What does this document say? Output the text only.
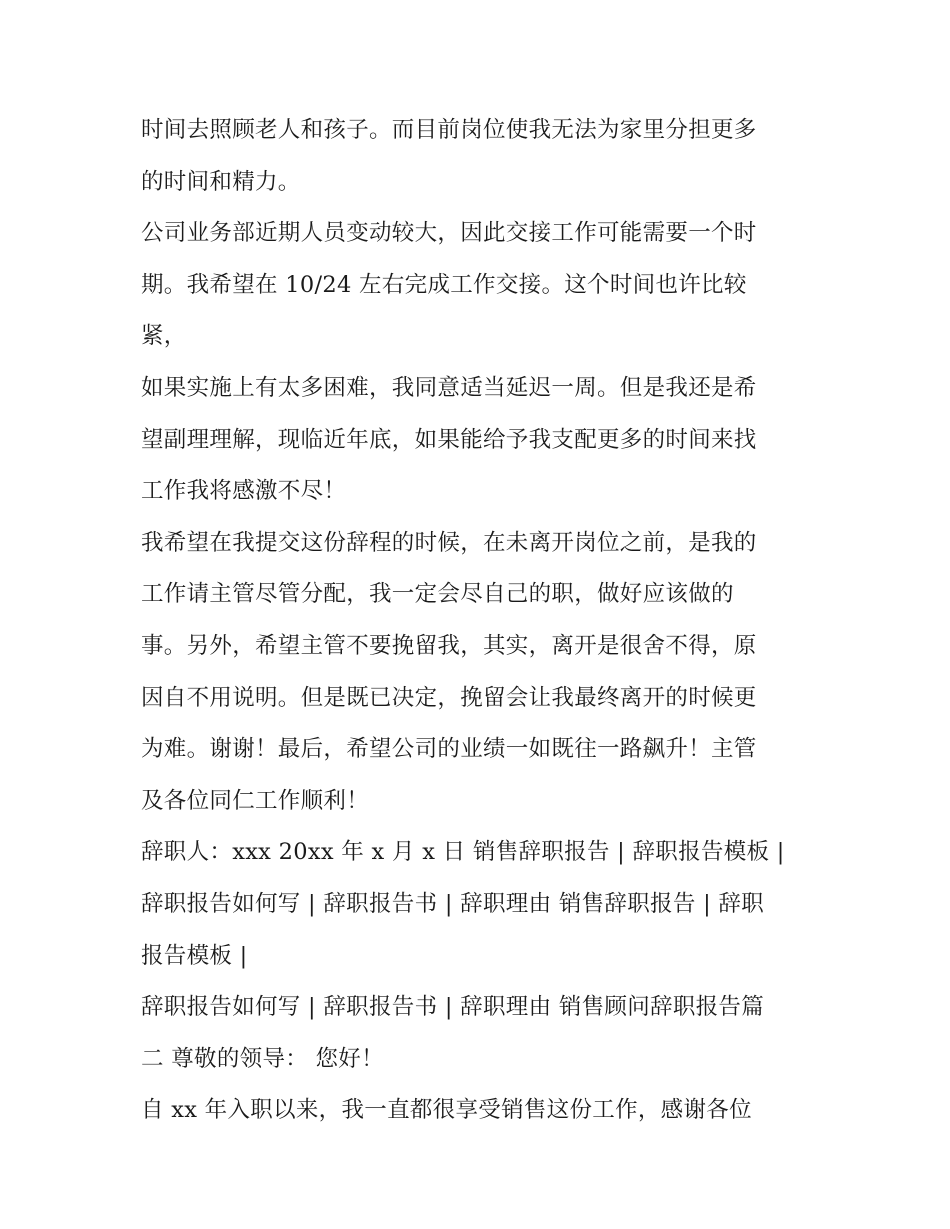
时间去照顾老人和孩子。而目前岗位使我无法为家里分担更多
的时间和精力。
公司业务部近期人员变动较大，因此交接工作可能需要一个时
期。我希望在 10/24 左右完成工作交接。这个时间也许比较
紧，
如果实施上有太多困难，我同意适当延迟一周。但是我还是希
望副理理解，现临近年底，如果能给予我支配更多的时间来找
工作我将感激不尽！
我希望在我提交这份辞程的时候，在未离开岗位之前，是我的
工作请主管尽管分配，我一定会尽自己的职，做好应该做的
事。另外，希望主管不要挽留我，其实，离开是很舍不得，原
因自不用说明。但是既已决定，挽留会让我最终离开的时候更
为难。谢谢！最后，希望公司的业绩一如既往一路飙升！主管
及各位同仁工作顺利！
辞职人：xxx 20xx 年 x 月 x 日 销售辞职报告 | 辞职报告模板 |
辞职报告如何写 | 辞职报告书 | 辞职理由 销售辞职报告 | 辞职
报告模板 |
辞职报告如何写 | 辞职报告书 | 辞职理由 销售顾问辞职报告篇
二 尊敬的领导： 您好！
自 xx 年入职以来，我一直都很享受销售这份工作，感谢各位
